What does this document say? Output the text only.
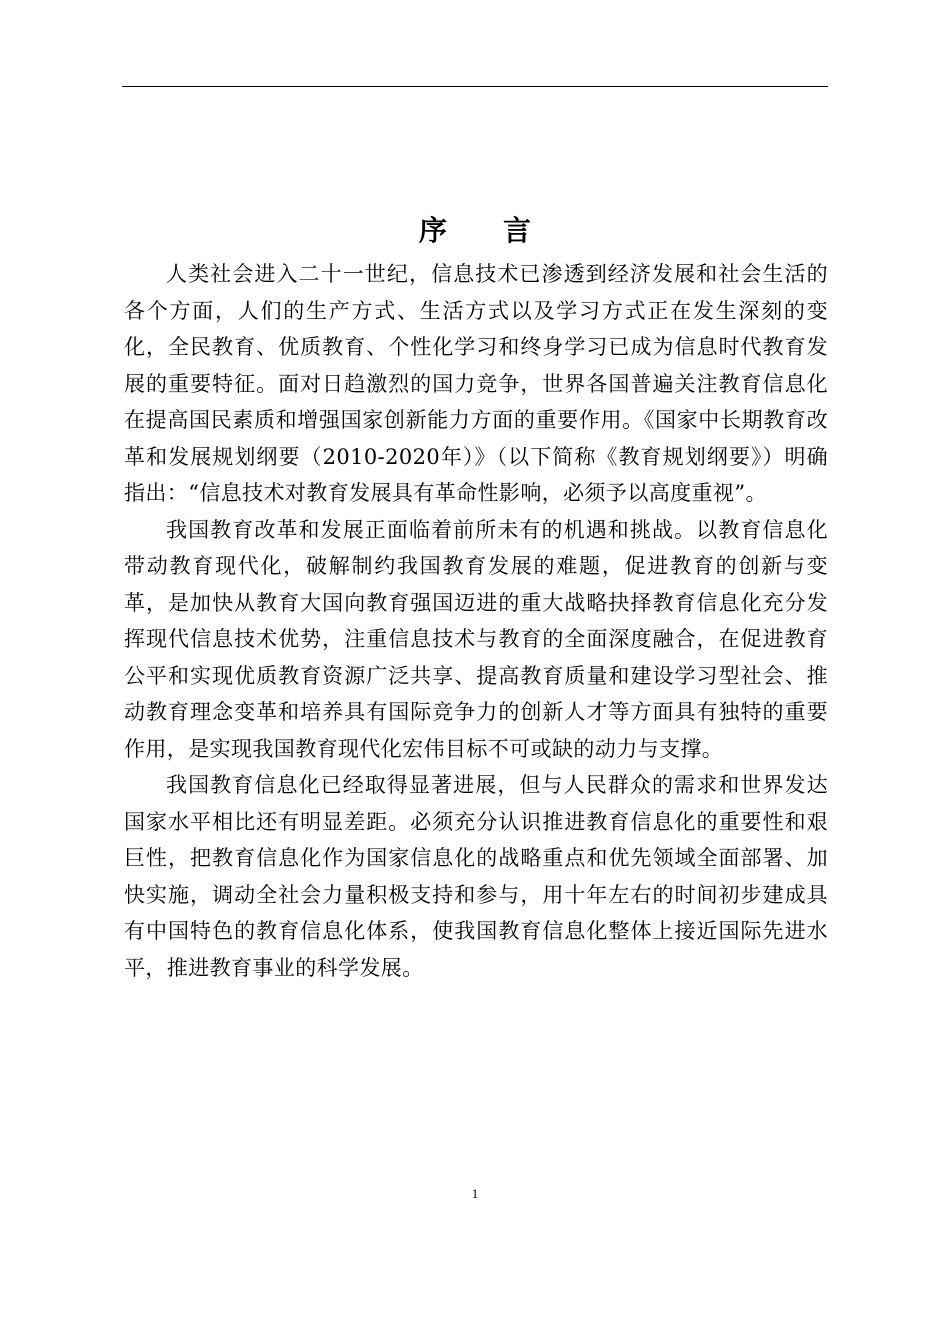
序言

人类社会进入二十一世纪，信息技术已渗透到经济发展和社会生活的各个方面，人们的生产方式、生活方式以及学习方式正在发生深刻的变化，全民教育、优质教育、个性化学习和终身学习已成为信息时代教育发展的重要特征。面对日趋激烈的国力竞争，世界各国普遍关注教育信息化在提高国民素质和增强国家创新能力方面的重要作用。《国家中长期教育改革和发展规划纲要（2010-2020年）》（以下简称《教育规划纲要》）明确指出：“信息技术对教育发展具有革命性影响，必须予以高度重视”。

我国教育改革和发展正面临着前所未有的机遇和挑战。以教育信息化带动教育现代化，破解制约我国教育发展的难题，促进教育的创新与变革，是加快从教育大国向教育强国迈进的重大战略抉择教育信息化充分发挥现代信息技术优势，注重信息技术与教育的全面深度融合，在促进教育公平和实现优质教育资源广泛共享、提高教育质量和建设学习型社会、推动教育理念变革和培养具有国际竞争力的创新人才等方面具有独特的重要作用，是实现我国教育现代化宏伟目标不可或缺的动力与支撑。

我国教育信息化已经取得显著进展，但与人民群众的需求和世界发达国家水平相比还有明显差距。必须充分认识推进教育信息化的重要性和艰巨性，把教育信息化作为国家信息化的战略重点和优先领域全面部署、加快实施，调动全社会力量积极支持和参与，用十年左右的时间初步建成具有中国特色的教育信息化体系，使我国教育信息化整体上接近国际先进水平，推进教育事业的科学发展。

1
